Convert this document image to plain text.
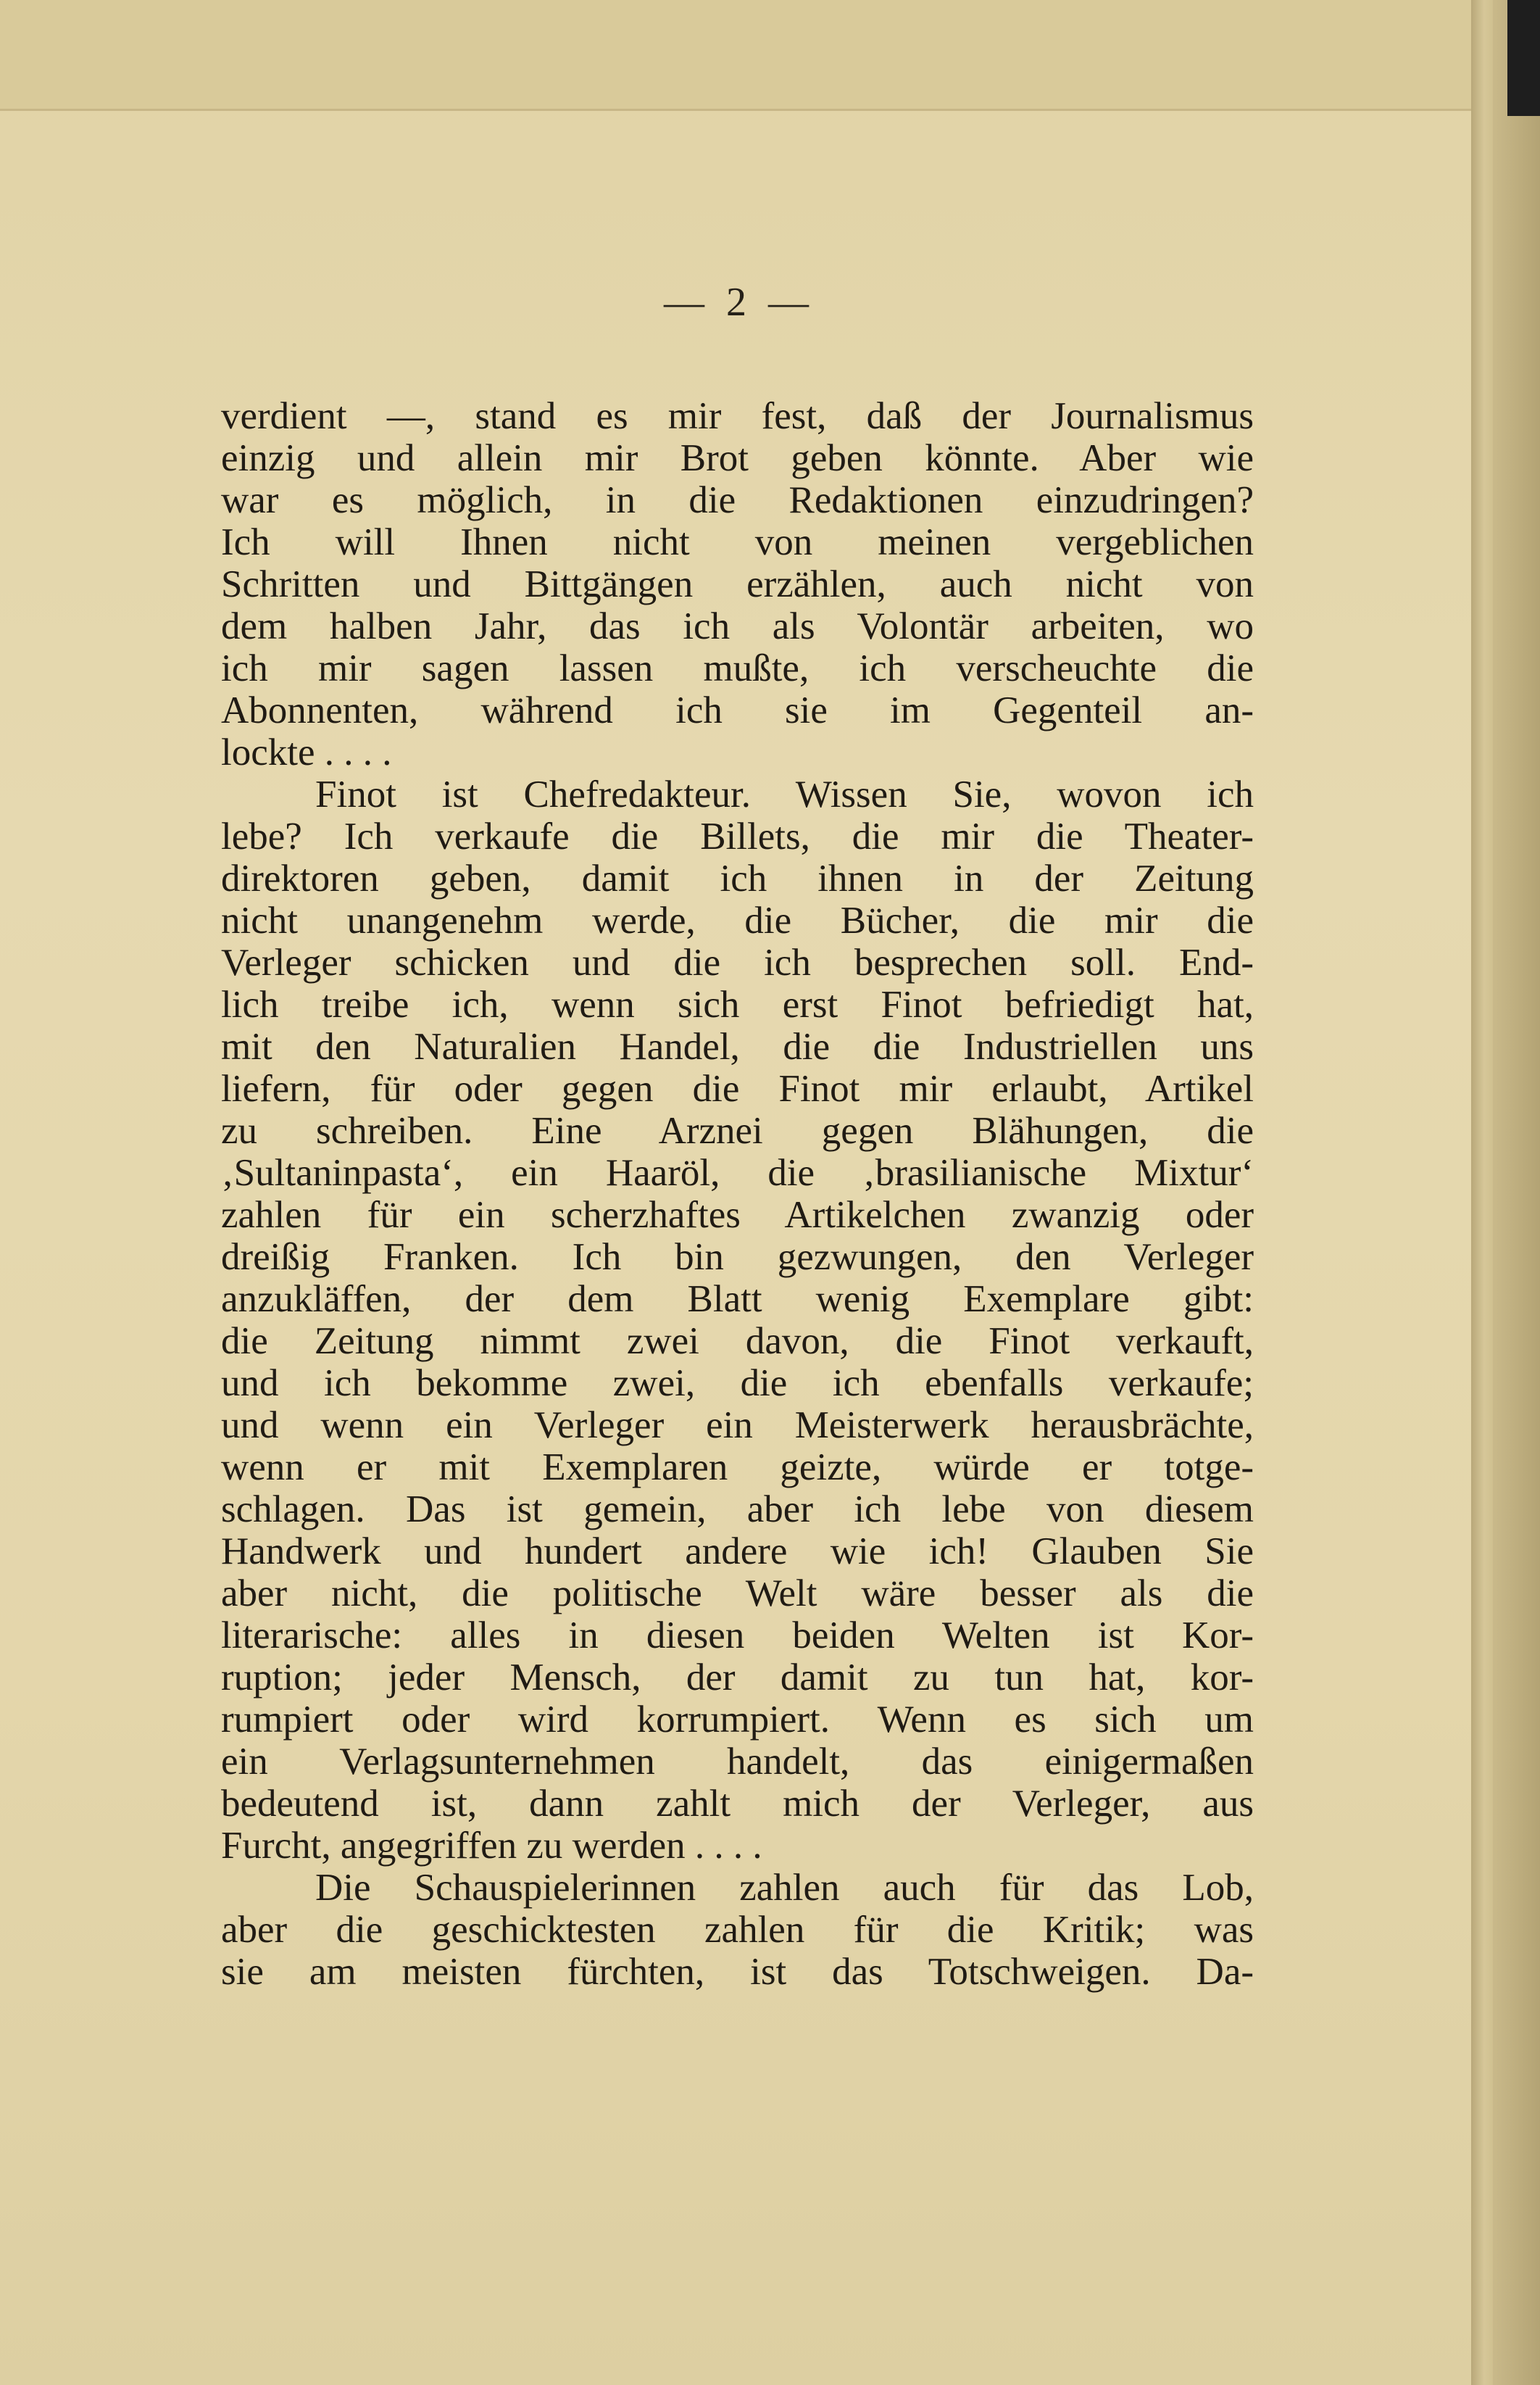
— 2 —
verdient —, stand es mir fest, daß der Journalismus
einzig und allein mir Brot geben könnte. Aber wie
war es möglich, in die Redaktionen einzudringen?
Ich will Ihnen nicht von meinen vergeblichen
Schritten und Bittgängen erzählen, auch nicht von
dem halben Jahr, das ich als Volontär arbeiten, wo
ich mir sagen lassen mußte, ich verscheuchte die
Abonnenten, während ich sie im Gegenteil an-
lockte . . . .
Finot ist Chefredakteur. Wissen Sie, wovon ich
lebe? Ich verkaufe die Billets, die mir die Theater-
direktoren geben, damit ich ihnen in der Zeitung
nicht unangenehm werde, die Bücher, die mir die
Verleger schicken und die ich besprechen soll. End-
lich treibe ich, wenn sich erst Finot befriedigt hat,
mit den Naturalien Handel, die die Industriellen uns
liefern, für oder gegen die Finot mir erlaubt, Artikel
zu schreiben. Eine Arznei gegen Blähungen, die
‚Sultaninpasta‘, ein Haaröl, die ‚brasilianische Mixtur‘
zahlen für ein scherzhaftes Artikelchen zwanzig oder
dreißig Franken. Ich bin gezwungen, den Verleger
anzukläffen, der dem Blatt wenig Exemplare gibt:
die Zeitung nimmt zwei davon, die Finot verkauft,
und ich bekomme zwei, die ich ebenfalls verkaufe;
und wenn ein Verleger ein Meisterwerk herausbrächte,
wenn er mit Exemplaren geizte, würde er totge-
schlagen. Das ist gemein, aber ich lebe von diesem
Handwerk und hundert andere wie ich! Glauben Sie
aber nicht, die politische Welt wäre besser als die
literarische: alles in diesen beiden Welten ist Kor-
ruption; jeder Mensch, der damit zu tun hat, kor-
rumpiert oder wird korrumpiert. Wenn es sich um
ein Verlagsunternehmen handelt, das einigermaßen
bedeutend ist, dann zahlt mich der Verleger, aus
Furcht, angegriffen zu werden . . . .
Die Schauspielerinnen zahlen auch für das Lob,
aber die geschicktesten zahlen für die Kritik; was
sie am meisten fürchten, ist das Totschweigen. Da-
